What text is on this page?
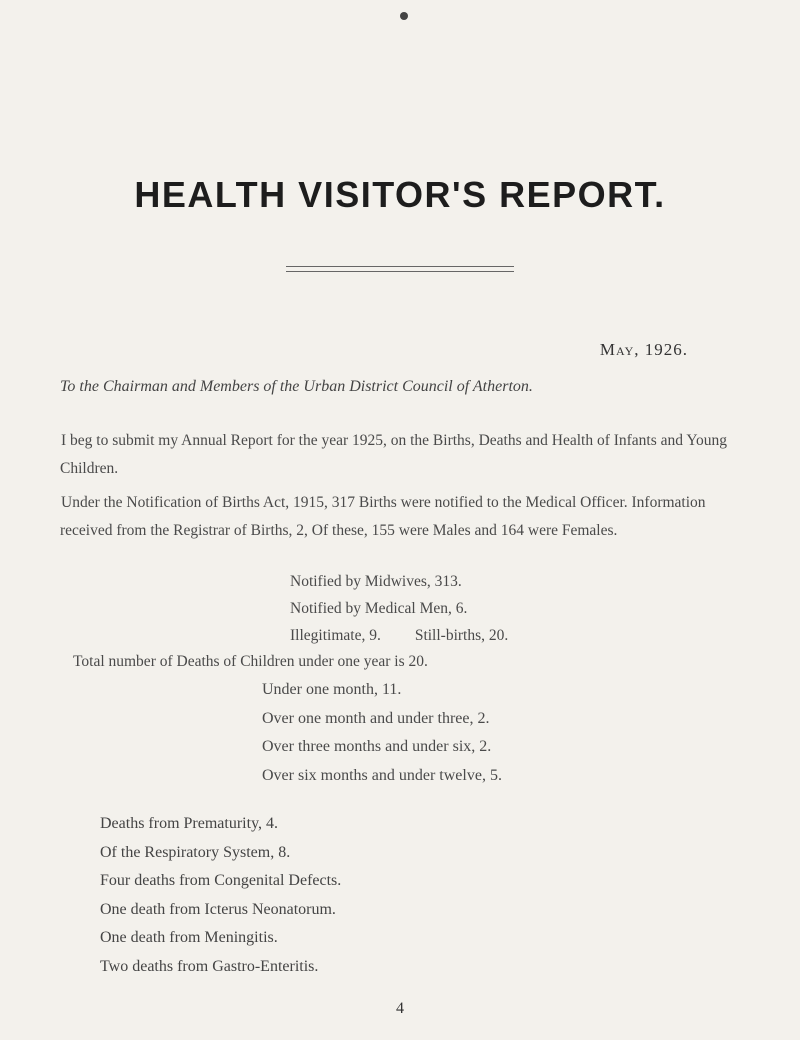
HEALTH VISITOR'S REPORT.
May, 1926.
To the Chairman and Members of the Urban District Council of Atherton.

I beg to submit my Annual Report for the year 1925, on the Births, Deaths and Health of Infants and Young Children.

Under the Notification of Births Act, 1915, 317 Births were notified to the Medical Officer. Information received from the Registrar of Births, 2, Of these, 155 were Males and 164 were Females.

Notified by Midwives, 313.
Notified by Medical Men, 6.
Illegitimate, 9. Still-births, 20.

Total number of Deaths of Children under one year is 20.

Under one month, 11.
Over one month and under three, 2.
Over three months and under six, 2.
Over six months and under twelve, 5.
Deaths from Prematurity, 4.
Of the Respiratory System, 8.
Four deaths from Congenital Defects.
One death from Icterus Neonatorum.
One death from Meningitis.
Two deaths from Gastro-Enteritis.
4
